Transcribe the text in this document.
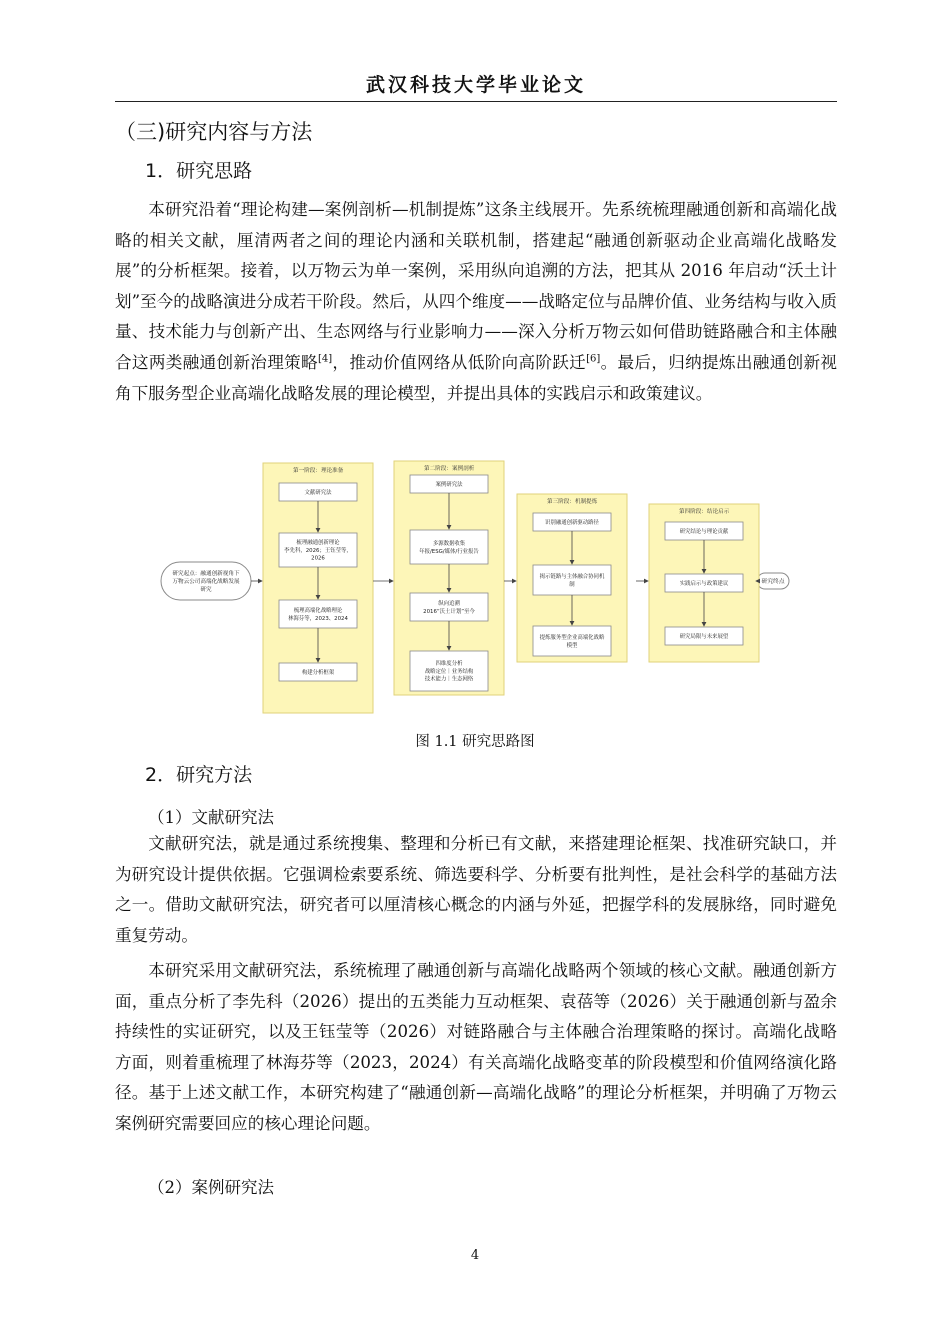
武汉科技大学毕业论文
（三)研究内容与方法
1．研究思路

本研究沿着“理论构建—案例剖析—机制提炼”这条主线展开。先系统梳理融通创新和高端化战略的相关文献，厘清两者之间的理论内涵和关联机制，搭建起“融通创新驱动企业高端化战略发展”的分析框架。接着，以万物云为单一案例，采用纵向追溯的方法，把其从 2016 年启动“沃土计划”至今的战略演进分成若干阶段。然后，从四个维度——战略定位与品牌价值、业务结构与收入质量、技术能力与创新产出、生态网络与行业影响力——深入分析万物云如何借助链路融合和主体融合这两类融通创新治理策略[4]，推动价值网络从低阶向高阶跃迁[6]。最后，归纳提炼出融通创新视角下服务型企业高端化战略发展的理论模型，并提出具体的实践启示和政策建议。

研究起点：融通创新视角下万物云公司高端化战略发展研究
研究终点
第一阶段：理论准备
文献研究法
梳理融通创新理论李先科，2026；王钰莹等， 2026
梳理高端化战略理论林海芬等，2023、2024
构建分析框架
第二阶段：案例剖析
案例研究法
多源数据收集年报/ESG/媒体/行业报告
纵向追溯 2016“沃土计划”至今
四维度分析战略定位｜业务结构技术能力｜生态网络
第三阶段：机制提炼
识别融通创新驱动路径
揭示链路与主体融合协同机制
提炼服务型企业高端化战略模型
第四阶段：结论启示
研究结论与理论贡献
实践启示与政策建议
研究局限与未来展望
图 1.1 研究思路图
2．研究方法
（1）文献研究法

文献研究法，就是通过系统搜集、整理和分析已有文献，来搭建理论框架、找准研究缺口，并为研究设计提供依据。它强调检索要系统、筛选要科学、分析要有批判性，是社会科学的基础方法之一。借助文献研究法，研究者可以厘清核心概念的内涵与外延，把握学科的发展脉络，同时避免重复劳动。

本研究采用文献研究法，系统梳理了融通创新与高端化战略两个领域的核心文献。融通创新方面，重点分析了李先科（2026）提出的五类能力互动框架、袁蓓等（2026）关于融通创新与盈余持续性的实证研究，以及王钰莹等（2026）对链路融合与主体融合治理策略的探讨。高端化战略方面，则着重梳理了林海芬等（2023，2024）有关高端化战略变革的阶段模型和价值网络演化路径。基于上述文献工作，本研究构建了“融通创新—高端化战略”的理论分析框架，并明确了万物云案例研究需要回应的核心理论问题。

（2）案例研究法
4
